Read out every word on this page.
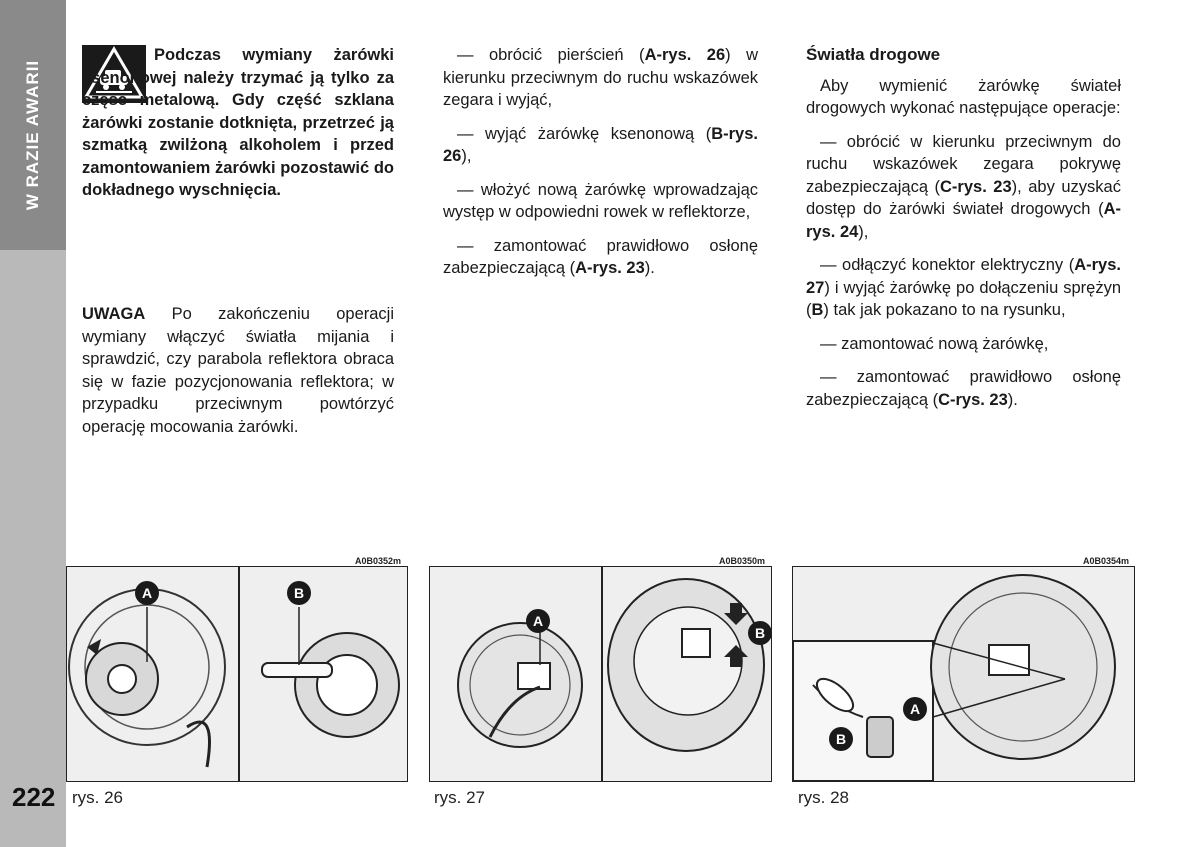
W RAZIE AWARII
222
Podczas wymiany żarówki ksenonowej należy trzymać ją tylko za część metalową. Gdy część szklana żarówki zostanie dotknięta, przetrzeć ją szmatką zwilżoną alkoholem i przed zamontowaniem żarówki pozostawić do dokładnego wyschnięcia.
UWAGA Po zakończeniu operacji wymiany włączyć światła mijania i sprawdzić, czy parabola reflektora obraca się w fazie pozycjonowania reflektora; w przypadku przeciwnym powtórzyć operację mocowania żarówki.

— obrócić pierścień (A-rys. 26) w kierunku przeciwnym do ruchu wskazówek zegara i wyjąć,

— wyjąć żarówkę ksenonową (B-rys. 26),

— włożyć nową żarówkę wprowadzając występ w odpowiedni rowek w reflektorze,

— zamontować prawidłowo osłonę zabezpieczającą (A-rys. 23).

Światła drogowe

Aby wymienić żarówkę świateł drogowych wykonać następujące operacje:

— obrócić w kierunku przeciwnym do ruchu wskazówek zegara pokrywę zabezpieczającą (C-rys. 23), aby uzyskać dostęp do żarówki świateł drogowych (A-rys. 24),

— odłączyć konektor elektryczny (A-rys. 27) i wyjąć żarówkę po dołączeniu sprężyn (B) tak jak pokazano to na rysunku,

— zamontować nową żarówkę,

— zamontować prawidłowo osłonę zabezpieczającą (C-rys. 23).

A0B0352m
A	B
rys. 26
A0B0350m
A
B
rys. 27
A0B0354m
A
B
rys. 28
